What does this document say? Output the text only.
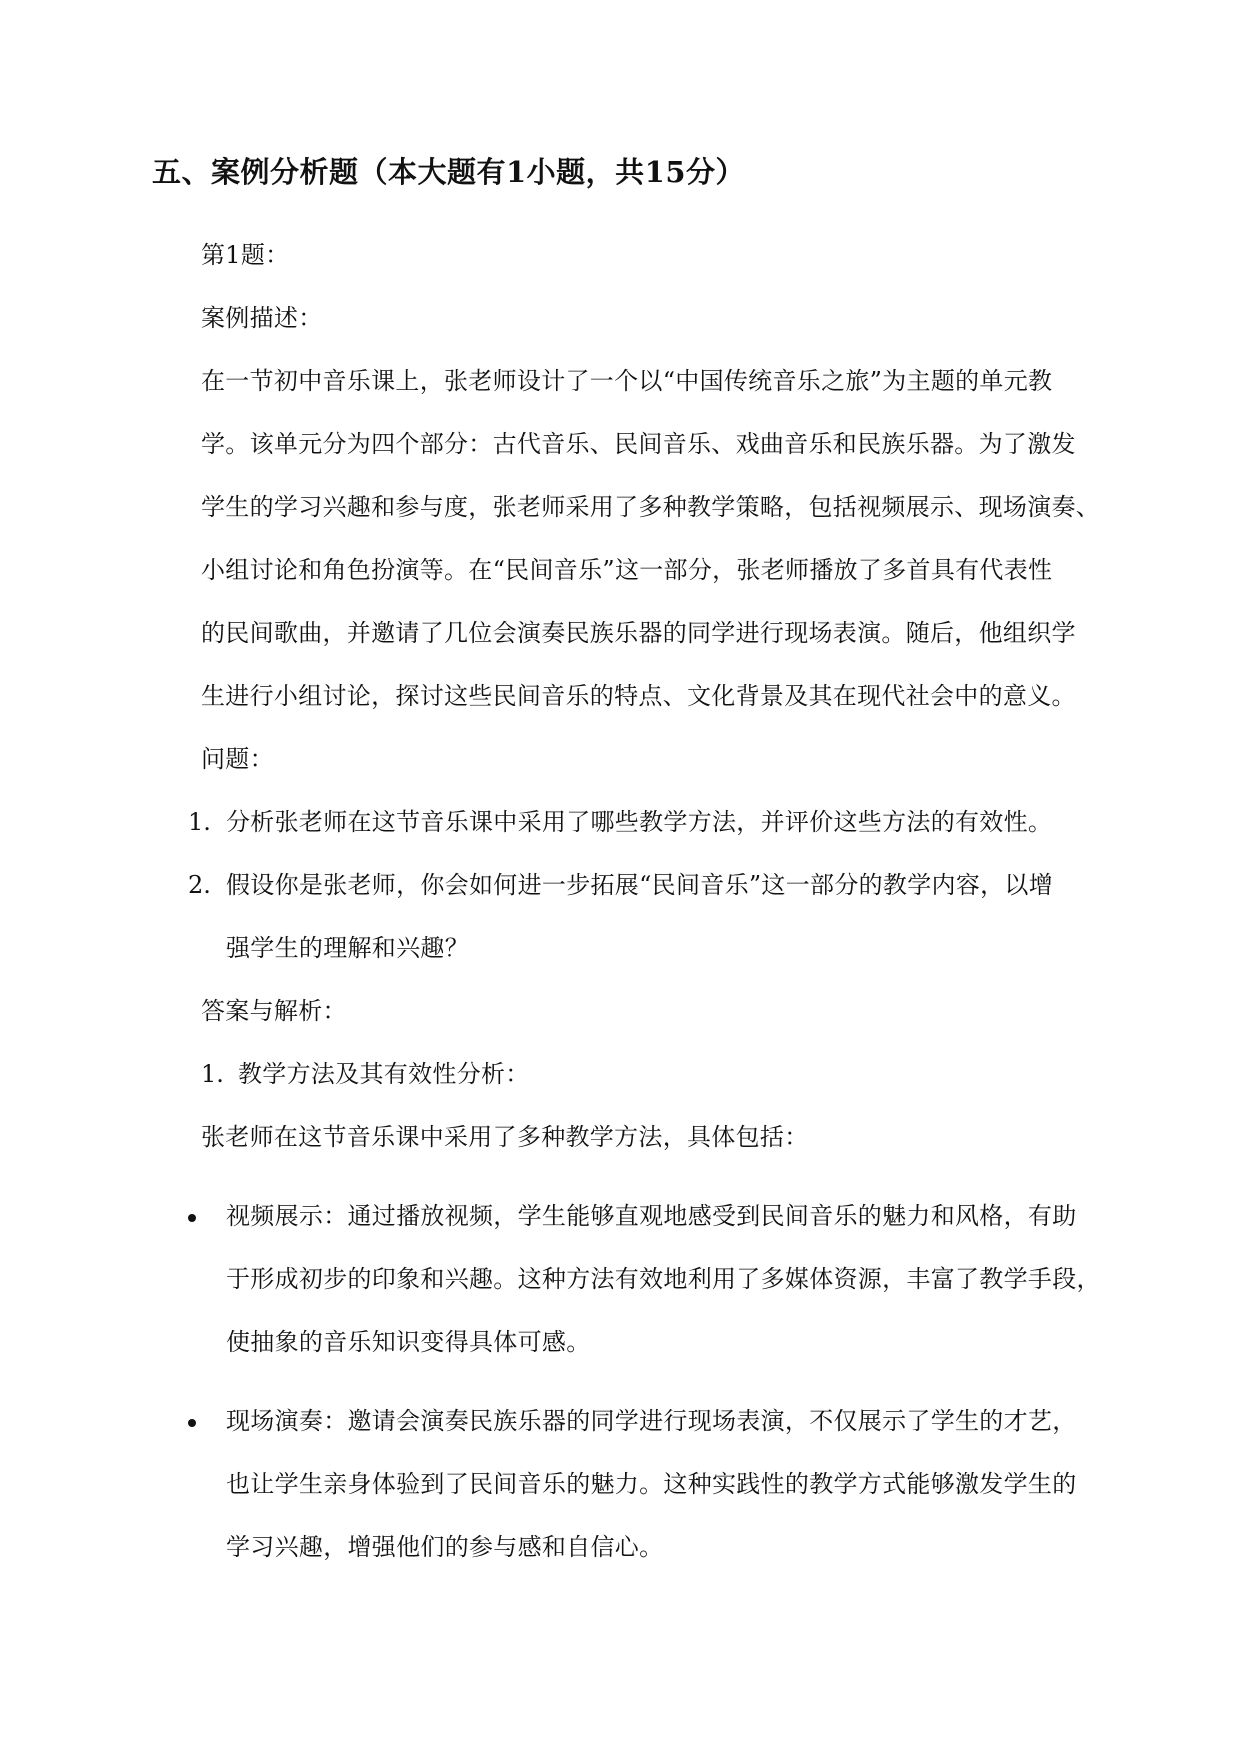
五、案例分析题（本大题有1小题，共15分）
第1题：
案例描述：
在一节初中音乐课上，张老师设计了一个以“中国传统音乐之旅”为主题的单元教
学。该单元分为四个部分：古代音乐、民间音乐、戏曲音乐和民族乐器。为了激发
学生的学习兴趣和参与度，张老师采用了多种教学策略，包括视频展示、现场演奏、
小组讨论和角色扮演等。在“民间音乐”这一部分，张老师播放了多首具有代表性
的民间歌曲，并邀请了几位会演奏民族乐器的同学进行现场表演。随后，他组织学
生进行小组讨论，探讨这些民间音乐的特点、文化背景及其在现代社会中的意义。
问题：
1. 分析张老师在这节音乐课中采用了哪些教学方法，并评价这些方法的有效性。
2. 假设你是张老师，你会如何进一步拓展“民间音乐”这一部分的教学内容，以增
强学生的理解和兴趣？
答案与解析：
1. 教学方法及其有效性分析：
张老师在这节音乐课中采用了多种教学方法，具体包括：
视频展示：通过播放视频，学生能够直观地感受到民间音乐的魅力和风格，有助
于形成初步的印象和兴趣。这种方法有效地利用了多媒体资源，丰富了教学手段，
使抽象的音乐知识变得具体可感。
现场演奏：邀请会演奏民族乐器的同学进行现场表演，不仅展示了学生的才艺，
也让学生亲身体验到了民间音乐的魅力。这种实践性的教学方式能够激发学生的
学习兴趣，增强他们的参与感和自信心。
